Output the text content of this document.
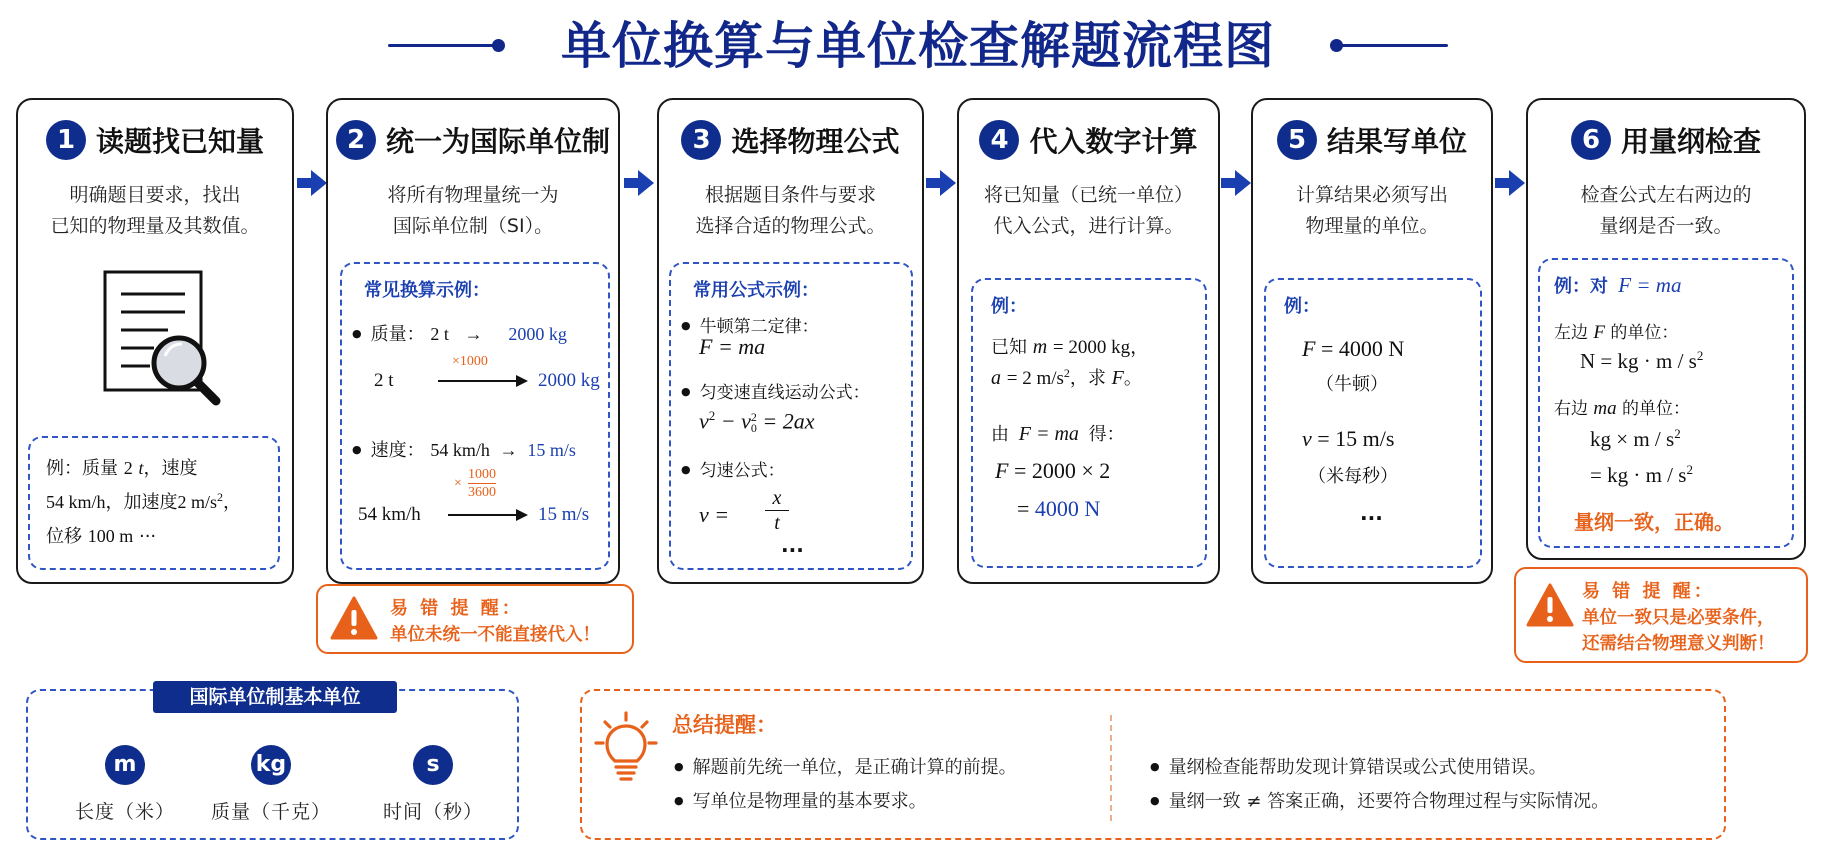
单位换算与单位检查解题流程图
1 读题找已知量
明确题目要求，找出
已知的物理量及其数值。
例：质量 2 t，速度
54 km/h，加速度2 $m/s^2$，
位移 100 m ···
2 统一为国际单位制
将所有物理量统一为
国际单位制（SI）。
常见换算示例：
● 质量： 2 t → 2000 kg
2 t
×1000
2000 kg
● 速度： 54 km/h → 15 m/s
54 km/h
×
1000
3600
15 m/s
易 错 提 醒：
单位未统一不能直接代入！
3 选择物理公式
根据题目条件与要求
选择合适的物理公式。
常用公式示例：
● 牛顿第二定律：
F = ma
● 匀变速直线运动公式：
$v^2 - v$ 2
0 = 2ax
● 匀速公式：
v =
x
t
···
4 代入数字计算
将已知量（已统一单位）
代入公式，进行计算。
例：
已知 m = 2000 kg，
a = 2 $m/s^2$，求 F。
由 F = ma 得：
F = 2000 × 2
= 4000 N
5 结果写单位
计算结果必须写出
物理量的单位。
例：
F = 4000 N
（牛顿）
v = 15 m/s
（米每秒）
···
6 用量纲检查
检查公式左右两边的
量纲是否一致。
例：对 F = ma
左边 F 的单位：
N = kg · m / $s^2$
右边 ma 的单位：
kg × m / $s^2$
= kg · m / $s^2$
量纲一致，正确。
易 错 提 醒：
单位一致只是必要条件，
还需结合物理意义判断！
国际单位制基本单位
m
长度（米）
kg
质量（千克）
s
时间（秒）
总结提醒：
● 解题前先统一单位，是正确计算的前提。
● 写单位是物理量的基本要求。
● 量纲检查能帮助发现计算错误或公式使用错误。
● 量纲一致 ≠ 答案正确，还要符合物理过程与实际情况。
